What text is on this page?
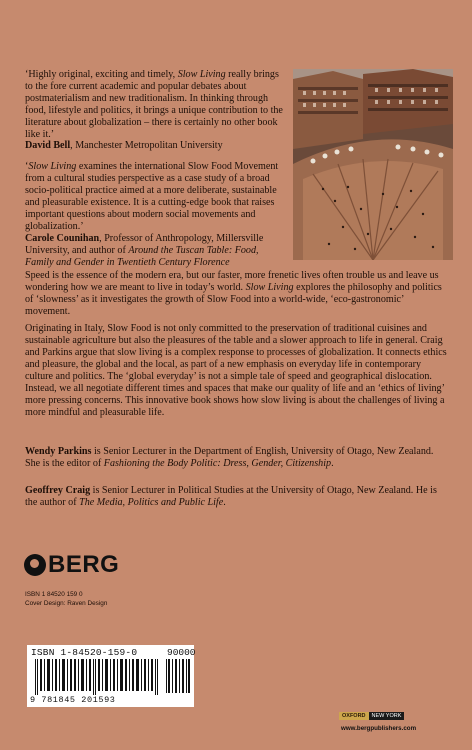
‘Highly original, exciting and timely, Slow Living really brings to the fore current academic and popular debates about postmaterialism and new traditionalism. In thinking through food, lifestyle and politics, it brings a unique contribution to the literature about globalization – there is certainly no other book like it.’
David Bell, Manchester Metropolitan University

‘Slow Living examines the international Slow Food Movement from a cultural studies perspective as a case study of a broad socio-political practice aimed at a more deliberate, sustainable and pleasurable existence. It is a cutting-edge book that raises important questions about modern social movements and globalization.’
Carole Counihan, Professor of Anthropology, Millersville University, and author of Around the Tuscan Table: Food, Family and Gender in Twentieth Century Florence

Speed is the essence of the modern era, but our faster, more frenetic lives often trouble us and leave us wondering how we are meant to live in today’s world. Slow Living explores the philosophy and politics of ‘slowness’ as it investigates the growth of Slow Food into a world-wide, ‘eco-gastronomic’ movement.

Originating in Italy, Slow Food is not only committed to the preservation of traditional cuisines and sustainable agriculture but also the pleasures of the table and a slower approach to life in general. Craig and Parkins argue that slow living is a complex response to processes of globalization. It connects ethics and pleasure, the global and the local, as part of a new emphasis on everyday life in contemporary culture and politics. The ‘global everyday’ is not a simple tale of speed and geographical dislocation. Instead, we all negotiate different times and spaces that make our quality of life and an ‘ethics of living’ more pressing concerns. This innovative book shows how slow living is about the challenges of living a more mindful and pleasurable life.

Wendy Parkins is Senior Lecturer in the Department of English, University of Otago, New Zealand. She is the editor of Fashioning the Body Politic: Dress, Gender, Citizenship.

Geoffrey Craig is Senior Lecturer in Political Studies at the University of Otago, New Zealand. He is the author of The Media, Politics and Public Life.

BERG
ISBN 1 84520 159 0
Cover Design: Raven Design
ISBN 1-84520-159-0	90000
9 781845 201593
OXFORD	NEW YORK
www.bergpublishers.com
